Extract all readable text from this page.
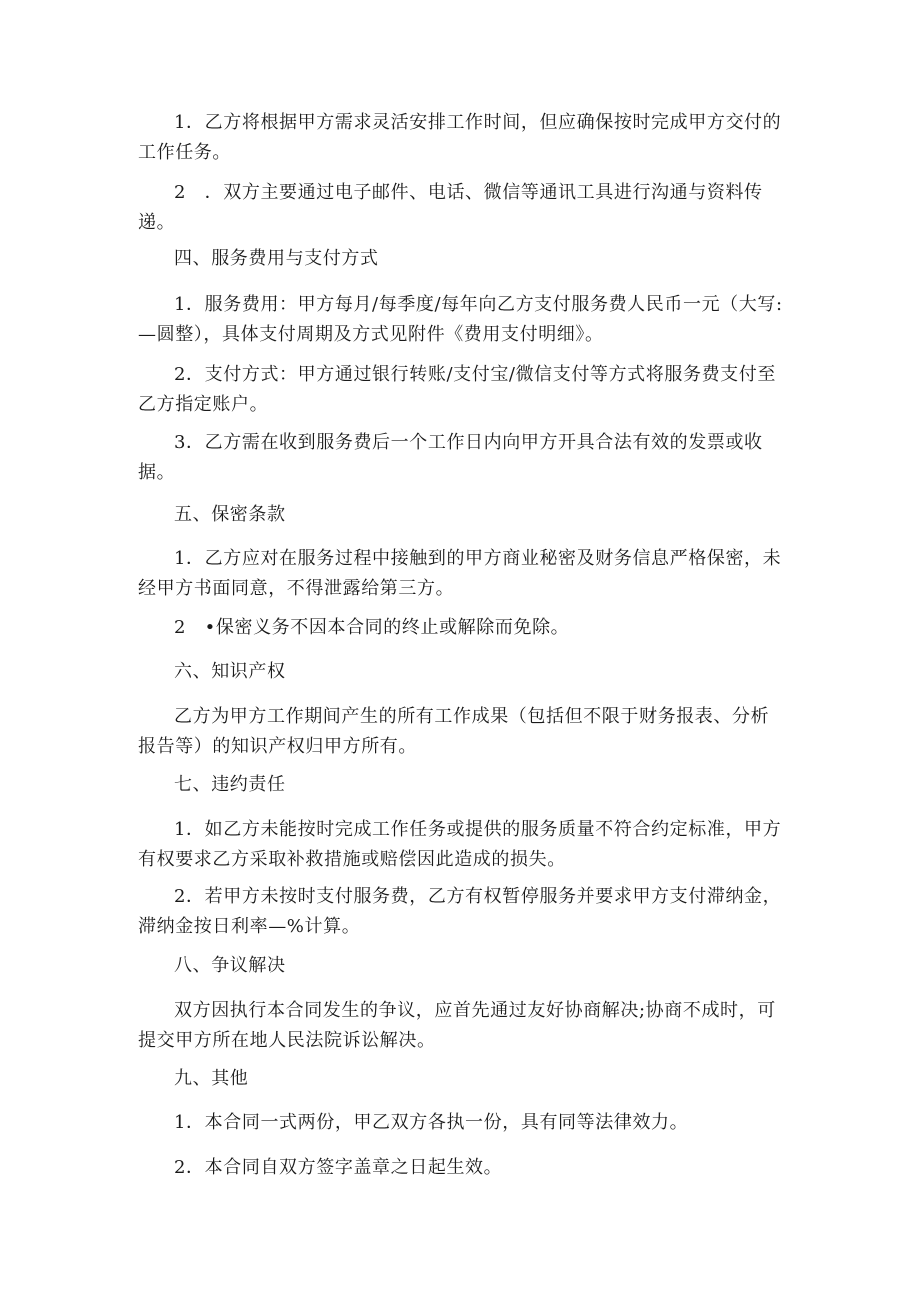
1．乙方将根据甲方需求灵活安排工作时间，但应确保按时完成甲方交付的工作任务。

2　．双方主要通过电子邮件、电话、微信等通讯工具进行沟通与资料传递。

四、服务费用与支付方式

1．服务费用：甲方每月/每季度/每年向乙方支付服务费人民币一元（大写:—圆整），具体支付周期及方式见附件《费用支付明细》。

2．支付方式：甲方通过银行转账/支付宝/微信支付等方式将服务费支付至乙方指定账户。

3．乙方需在收到服务费后一个工作日内向甲方开具合法有效的发票或收据。

五、保密条款

1．乙方应对在服务过程中接触到的甲方商业秘密及财务信息严格保密，未经甲方书面同意，不得泄露给第三方。

2　•保密义务不因本合同的终止或解除而免除。

六、知识产权

乙方为甲方工作期间产生的所有工作成果（包括但不限于财务报表、分析报告等）的知识产权归甲方所有。

七、违约责任

1．如乙方未能按时完成工作任务或提供的服务质量不符合约定标准，甲方有权要求乙方采取补救措施或赔偿因此造成的损失。

2．若甲方未按时支付服务费，乙方有权暂停服务并要求甲方支付滞纳金，滞纳金按日利率—%计算。

八、争议解决

双方因执行本合同发生的争议，应首先通过友好协商解决;协商不成时，可提交甲方所在地人民法院诉讼解决。

九、其他

1．本合同一式两份，甲乙双方各执一份，具有同等法律效力。

2．本合同自双方签字盖章之日起生效。
